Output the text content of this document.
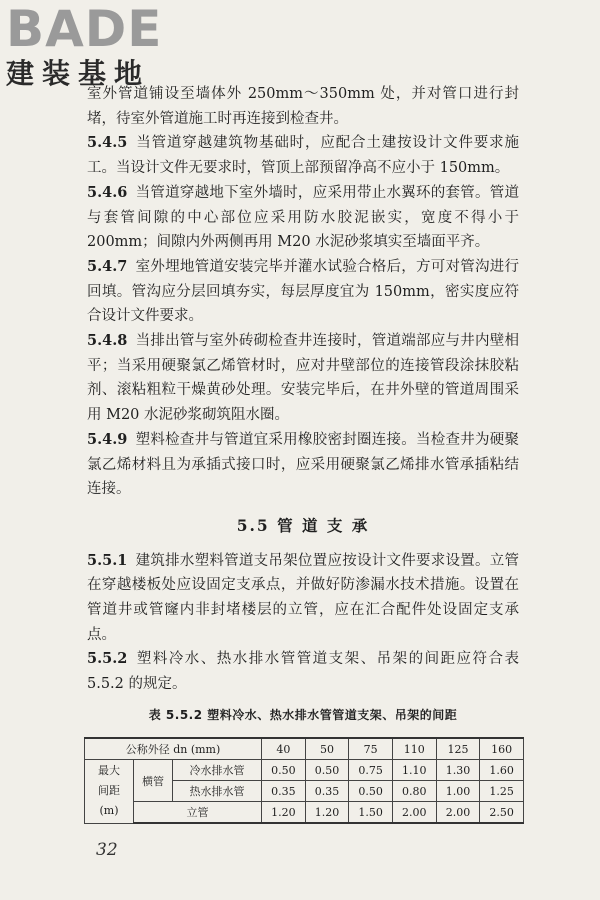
BADE
建装基地

室外管道铺设至墙体外 250mm～350mm 处，并对管口进行封堵，待室外管道施工时再连接到检查井。

5.4.5 当管道穿越建筑物基础时，应配合土建按设计文件要求施工。当设计文件无要求时，管顶上部预留净高不应小于 150mm。

5.4.6 当管道穿越地下室外墙时，应采用带止水翼环的套管。管道与套管间隙的中心部位应采用防水胶泥嵌实，宽度不得小于 200mm；间隙内外两侧再用 M20 水泥砂浆填实至墙面平齐。

5.4.7 室外埋地管道安装完毕并灌水试验合格后，方可对管沟进行回填。管沟应分层回填夯实，每层厚度宜为 150mm，密实度应符合设计文件要求。

5.4.8 当排出管与室外砖砌检查井连接时，管道端部应与井内壁相平；当采用硬聚氯乙烯管材时，应对井壁部位的连接管段涂抹胶粘剂、滚粘粗粒干燥黄砂处理。安装完毕后，在井外壁的管道周围采用 M20 水泥砂浆砌筑阻水圈。

5.4.9 塑料检查井与管道宜采用橡胶密封圈连接。当检查井为硬聚氯乙烯材料且为承插式接口时，应采用硬聚氯乙烯排水管承插粘结连接。

5.5 管 道 支 承

5.5.1 建筑排水塑料管道支吊架位置应按设计文件要求设置。立管在穿越楼板处应设固定支承点，并做好防渗漏水技术措施。设置在管道井或管窿内非封堵楼层的立管，应在汇合配件处设固定支承点。

5.5.2 塑料冷水、热水排水管管道支架、吊架的间距应符合表 5.5.2 的规定。

表 5.5.2 塑料冷水、热水排水管管道支架、吊架的间距
公称外径 dn (mm)			40	50	75	110	125	160

最大
间距
(m)	横管	冷水排水管	0.50	0.50	0.75	1.10	1.30	1.60
		热水排水管	0.35	0.35	0.50	0.80	1.00	1.25
	立管		1.20	1.20	1.50	2.00	2.00	2.50
32
